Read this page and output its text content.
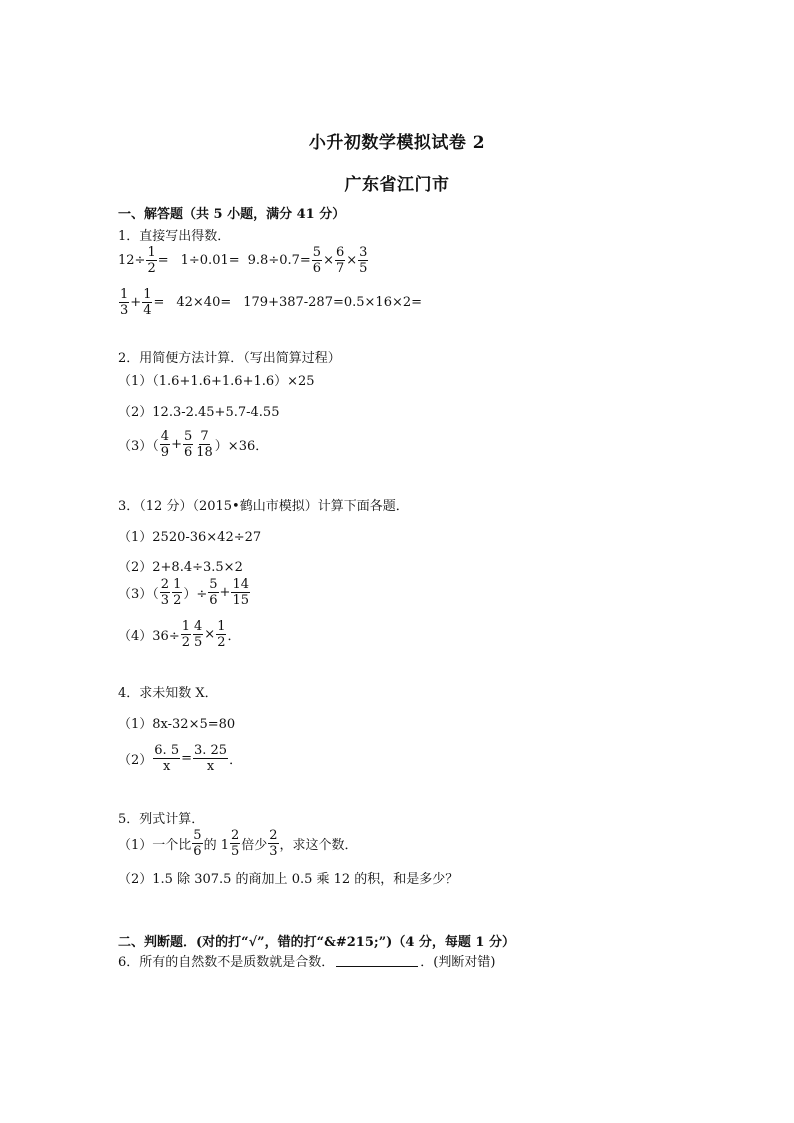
小升初数学模拟试卷 2
广东省江门市
一、解答题（共 5 小题，满分 41 分）
1．直接写出得数．
$12\div \frac{1}{2} = 1\div 0.01= 9.8\div 0.7= \frac{5}{6} \times \frac{6}{7} \times \frac{3}{5}$
$\frac{1}{3} + \frac{1}{4} = 42\times 40= 179+387-287=0.5\times 16\times 2=$
2．用简便方法计算．（写出简算过程）
（1）（1.6+1.6+1.6+1.6）×25
（2）12.3-2.45+5.7-4.55
$(3)( \frac{4}{9} + \frac{5}{6} \frac{7}{18} )\times 36$．
3．（12 分）（2015•鹤山市模拟）计算下面各题．
（1）2520-36×42÷27
（2）2+8.4÷3.5×2
$(3)( \frac{2}{3} \frac{1}{2}$ ）÷ $\frac{5}{6} + \frac{14}{15}$
$(4)36\div \frac{1}{2} \frac{4}{5} \times \frac{1}{2}$ ．
4．求未知数 X．
（1）8x-32×5=80
$(2) \frac{6. 5}{x} = \frac{3. 25}{x}$ ．
5．列式计算．
（1）一个比 $\frac{5}{6}$ 的 $1 \frac{2}{5}$ 倍少 $\frac{2}{3}$ ，求这个数．
（2）1.5 除 307.5 的商加上 0.5 乘 12 的积，和是多少？
二、判断题．(对的打“√”，错的打“&#215;”)（4 分，每题 1 分）
6．所有的自然数不是质数就是合数．	．(判断对错)
